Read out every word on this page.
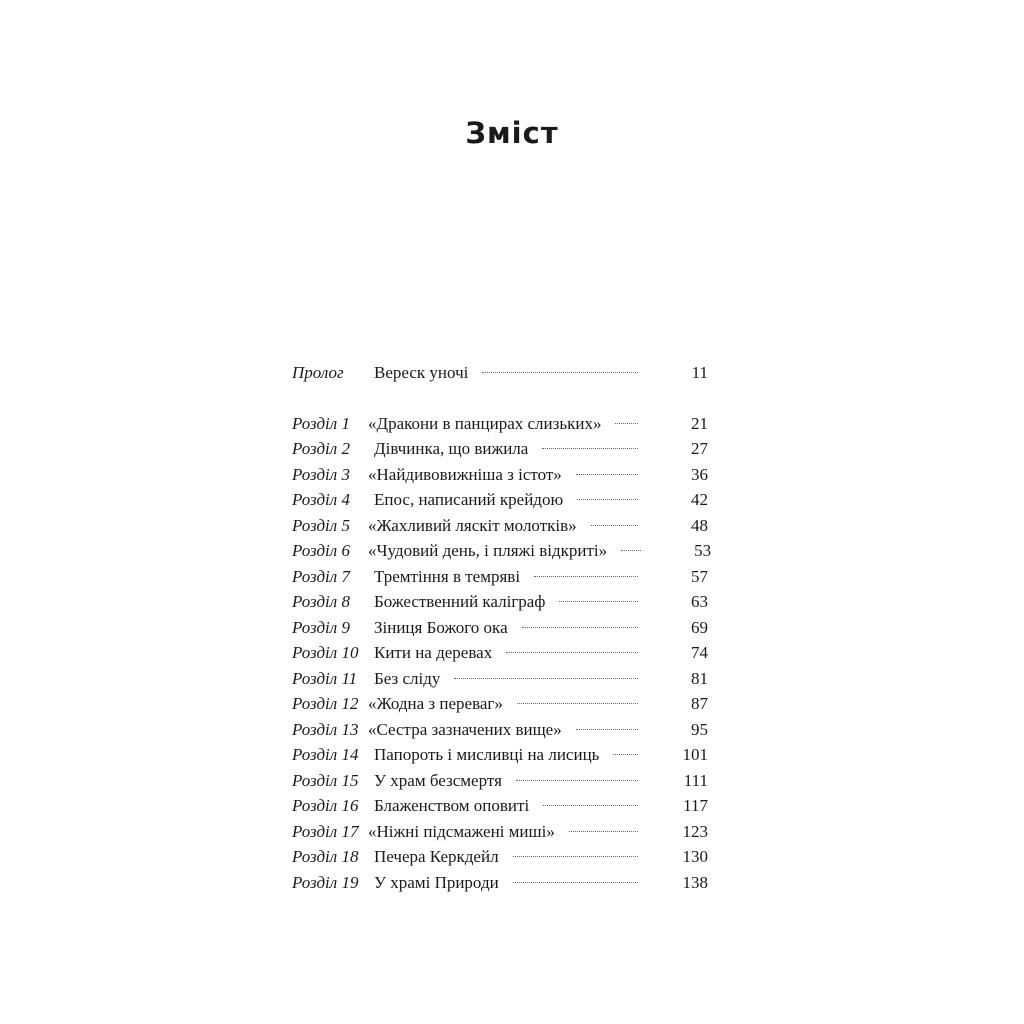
Зміст
Пролог	Вереск уночі	11
Розділ 1	«Дракони в панцирах слизьких»	21
Розділ 2	Дівчинка, що вижила	27
Розділ 3	«Найдивовижніша з істот»	36
Розділ 4	Епос, написаний крейдою	42
Розділ 5	«Жахливий ляскіт молотків»	48
Розділ 6	«Чудовий день, і пляжі відкриті»	53
Розділ 7	Тремтіння в темряві	57
Розділ 8	Божественний каліграф	63
Розділ 9	Зіниця Божого ока	69
Розділ 10 Кити на деревах	74
Розділ 11 Без сліду	81
Розділ 12 «Жодна з переваг»	87
Розділ 13 «Сестра зазначених вище»	95
Розділ 14 Папороть і мисливці на лисиць	101
Розділ 15 У храм безсмертя	111
Розділ 16 Блаженством оповиті	117
Розділ 17 «Ніжні підсмажені миші»	123
Розділ 18 Печера Керкдейл	130
Розділ 19 У храмі Природи	138
